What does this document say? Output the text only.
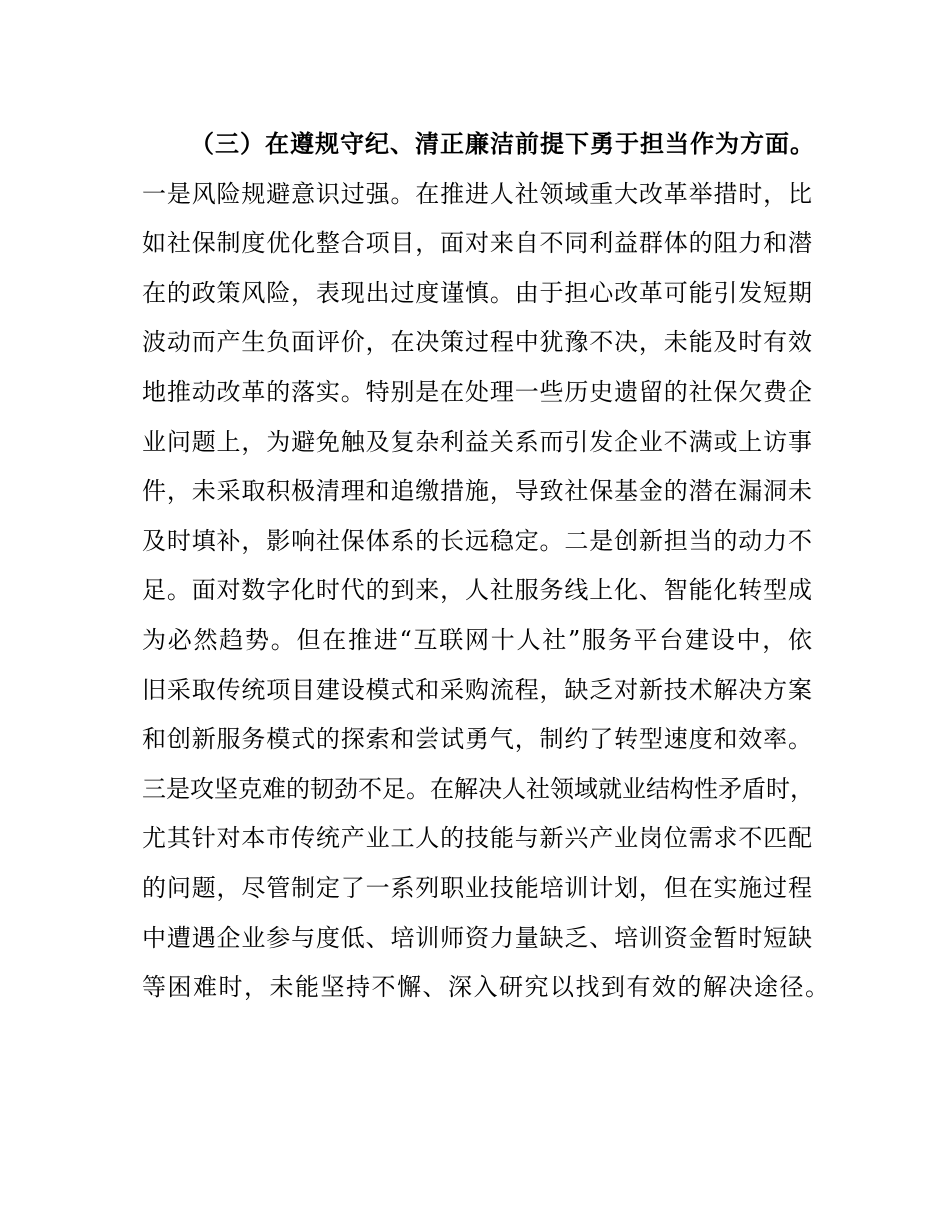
（三）在遵规守纪、清正廉洁前提下勇于担当作为方面。
一是风险规避意识过强。在推进人社领域重大改革举措时，比
如社保制度优化整合项目，面对来自不同利益群体的阻力和潜
在的政策风险，表现出过度谨慎。由于担心改革可能引发短期
波动而产生负面评价，在决策过程中犹豫不决，未能及时有效
地推动改革的落实。特别是在处理一些历史遗留的社保欠费企
业问题上，为避免触及复杂利益关系而引发企业不满或上访事
件，未采取积极清理和追缴措施，导致社保基金的潜在漏洞未
及时填补，影响社保体系的长远稳定。二是创新担当的动力不
足。面对数字化时代的到来，人社服务线上化、智能化转型成
为必然趋势。但在推进“互联网十人社”服务平台建设中，依
旧采取传统项目建设模式和采购流程，缺乏对新技术解决方案
和创新服务模式的探索和尝试勇气，制约了转型速度和效率。
三是攻坚克难的韧劲不足。在解决人社领域就业结构性矛盾时，
尤其针对本市传统产业工人的技能与新兴产业岗位需求不匹配
的问题，尽管制定了一系列职业技能培训计划，但在实施过程
中遭遇企业参与度低、培训师资力量缺乏、培训资金暂时短缺
等困难时，未能坚持不懈、深入研究以找到有效的解决途径。
